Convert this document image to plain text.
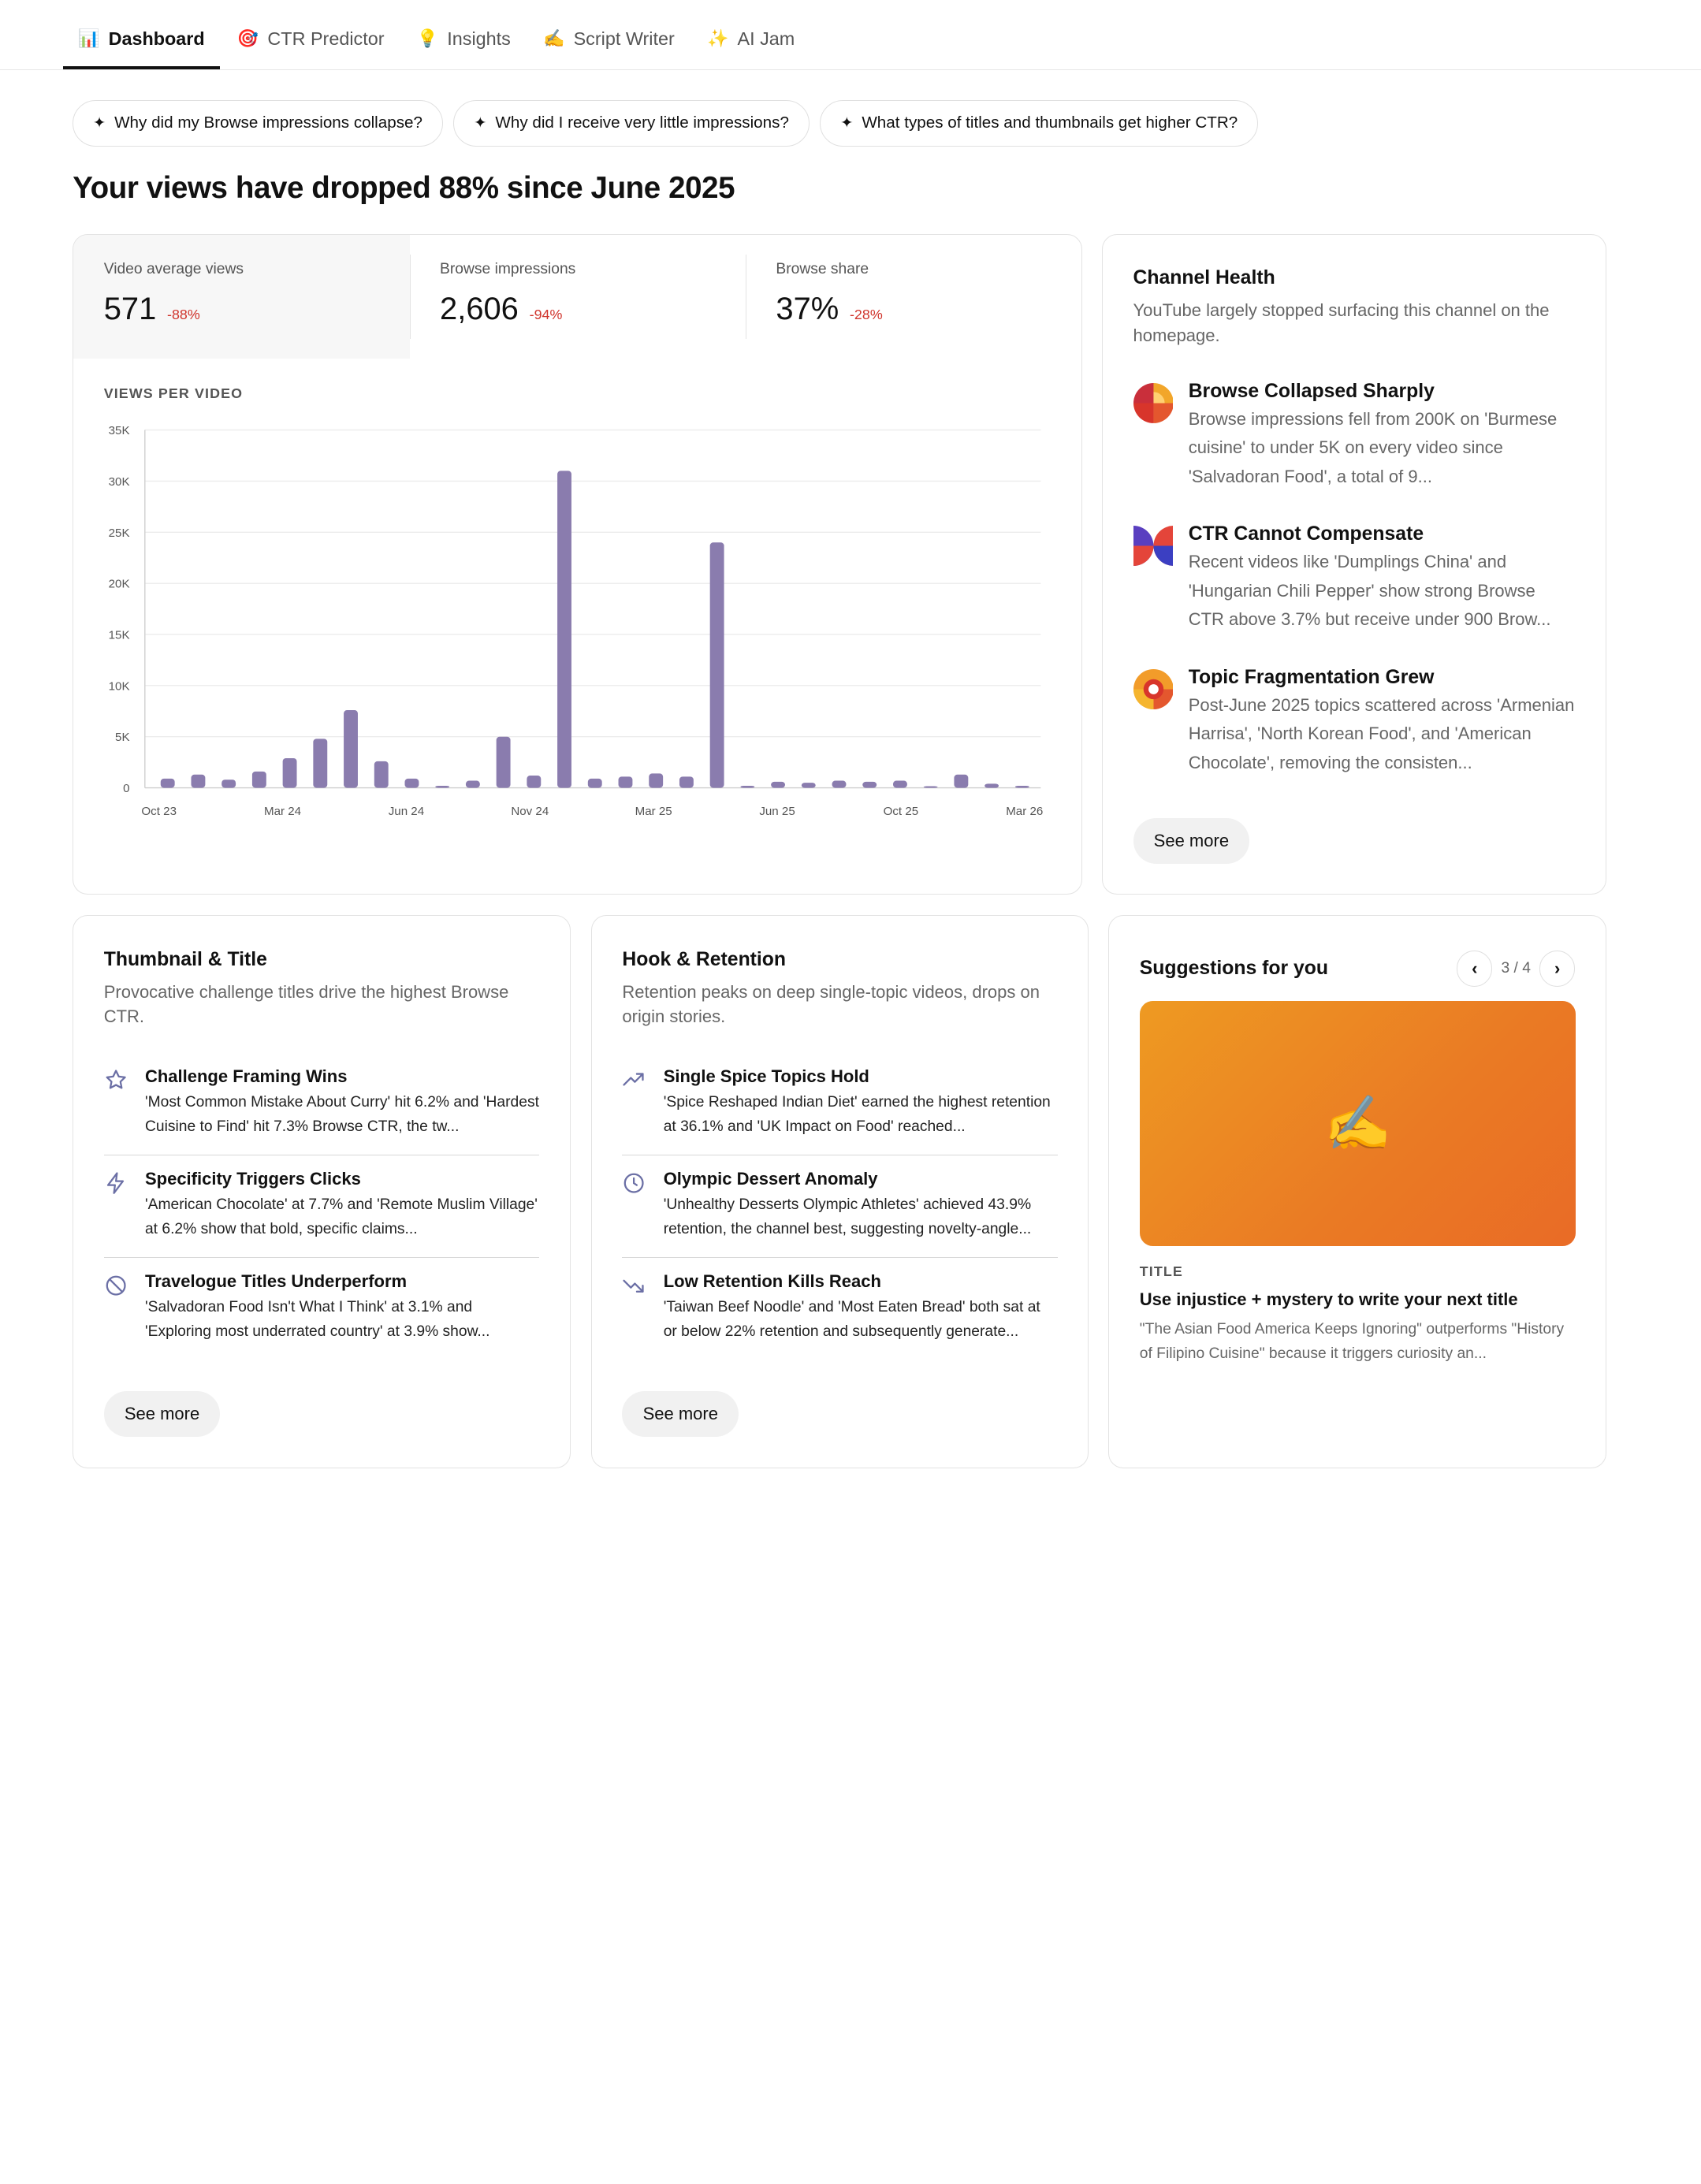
📊 Dashboard	🎯 CTR Predictor	💡 Insights	✍️ Script Writer	✨ AI Jam
✦ Why did my Browse impressions collapse?	✦ Why did I receive very little impressions?	✦ What types of titles and thumbnails get higher CTR?
Your views have dropped 88% since June 2025
Video average views
571 -88%
Browse impressions
2,606 -94%
Browse share
37% -28%
VIEWS PER VIDEO
0
5K
10K
15K
20K
25K
30K
35K
Oct 23	Mar 24	Jun 24	Nov 24	Mar 25	Jun 25	Oct 25	Mar 26
Channel Health
YouTube largely stopped surfacing this channel on the homepage.
Browse Collapsed Sharply
Browse impressions fell from 200K on 'Burmese cuisine' to under 5K on every video since 'Salvadoran Food', a total of 9...
CTR Cannot Compensate
Recent videos like 'Dumplings China' and 'Hungarian Chili Pepper' show strong Browse CTR above 3.7% but receive under 900 Brow...
Topic Fragmentation Grew
Post-June 2025 topics scattered across 'Armenian Harrisa', 'North Korean Food', and 'American Chocolate', removing the consisten...
See more
Thumbnail & Title
Provocative challenge titles drive the highest Browse CTR.
Challenge Framing Wins
'Most Common Mistake About Curry' hit 6.2% and 'Hardest Cuisine to Find' hit 7.3% Browse CTR, the tw...
Specificity Triggers Clicks
'American Chocolate' at 7.7% and 'Remote Muslim Village' at 6.2% show that bold, specific claims...
Travelogue Titles Underperform
'Salvadoran Food Isn't What I Think' at 3.1% and 'Exploring most underrated country' at 3.9% show...
See more
Hook & Retention
Retention peaks on deep single-topic videos, drops on origin stories.
Single Spice Topics Hold
'Spice Reshaped Indian Diet' earned the highest retention at 36.1% and 'UK Impact on Food' reached...
Olympic Dessert Anomaly
'Unhealthy Desserts Olympic Athletes' achieved 43.9% retention, the channel best, suggesting novelty-angle...
Low Retention Kills Reach
'Taiwan Beef Noodle' and 'Most Eaten Bread' both sat at or below 22% retention and subsequently generate...
See more
Suggestions for you	‹	3 / 4	›
✍️
TITLE
Use injustice + mystery to write your next title
"The Asian Food America Keeps Ignoring" outperforms "History of Filipino Cuisine" because it triggers curiosity an...
